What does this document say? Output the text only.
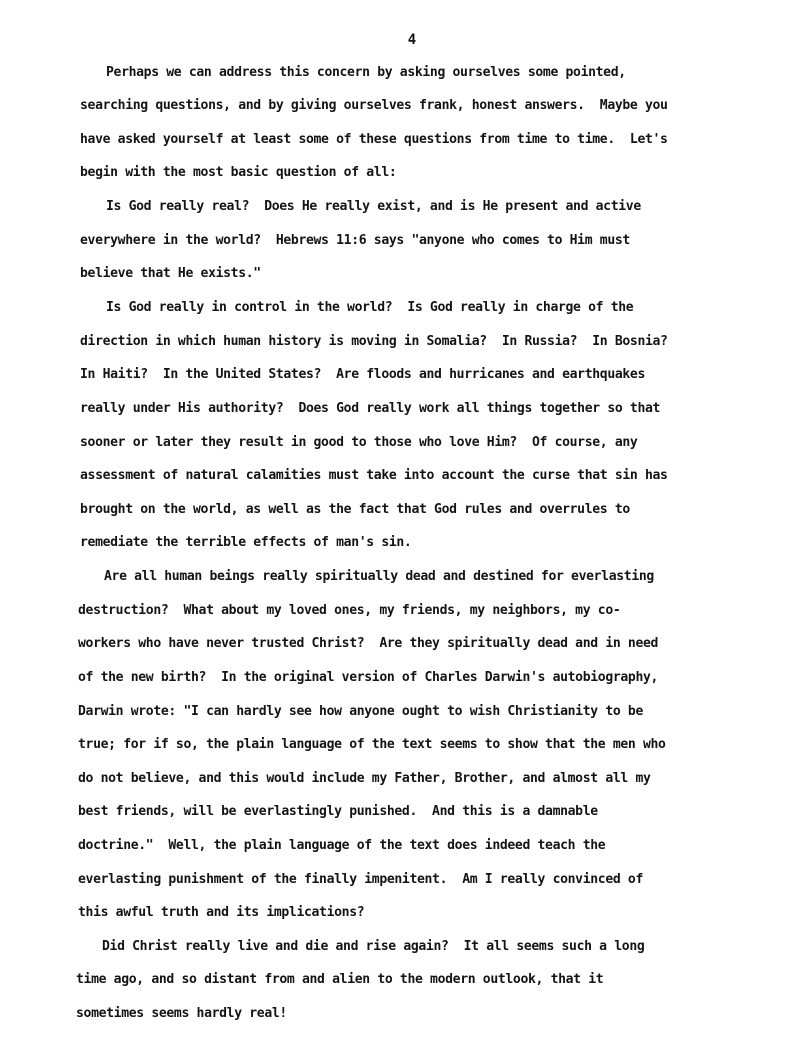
4
Perhaps we can address this concern by asking ourselves some pointed,
searching questions, and by giving ourselves frank, honest answers.  Maybe you
have asked yourself at least some of these questions from time to time.  Let's
begin with the most basic question of all:
Is God really real?  Does He really exist, and is He present and active
everywhere in the world?  Hebrews 11:6 says "anyone who comes to Him must
believe that He exists."
Is God really in control in the world?  Is God really in charge of the
direction in which human history is moving in Somalia?  In Russia?  In Bosnia?
In Haiti?  In the United States?  Are floods and hurricanes and earthquakes
really under His authority?  Does God really work all things together so that
sooner or later they result in good to those who love Him?  Of course, any
assessment of natural calamities must take into account the curse that sin has
brought on the world, as well as the fact that God rules and overrules to
remediate the terrible effects of man's sin.
Are all human beings really spiritually dead and destined for everlasting
destruction?  What about my loved ones, my friends, my neighbors, my co-
workers who have never trusted Christ?  Are they spiritually dead and in need
of the new birth?  In the original version of Charles Darwin's autobiography,
Darwin wrote: "I can hardly see how anyone ought to wish Christianity to be
true; for if so, the plain language of the text seems to show that the men who
do not believe, and this would include my Father, Brother, and almost all my
best friends, will be everlastingly punished.  And this is a damnable
doctrine."  Well, the plain language of the text does indeed teach the
everlasting punishment of the finally impenitent.  Am I really convinced of
this awful truth and its implications?
Did Christ really live and die and rise again?  It all seems such a long
time ago, and so distant from and alien to the modern outlook, that it
sometimes seems hardly real!
